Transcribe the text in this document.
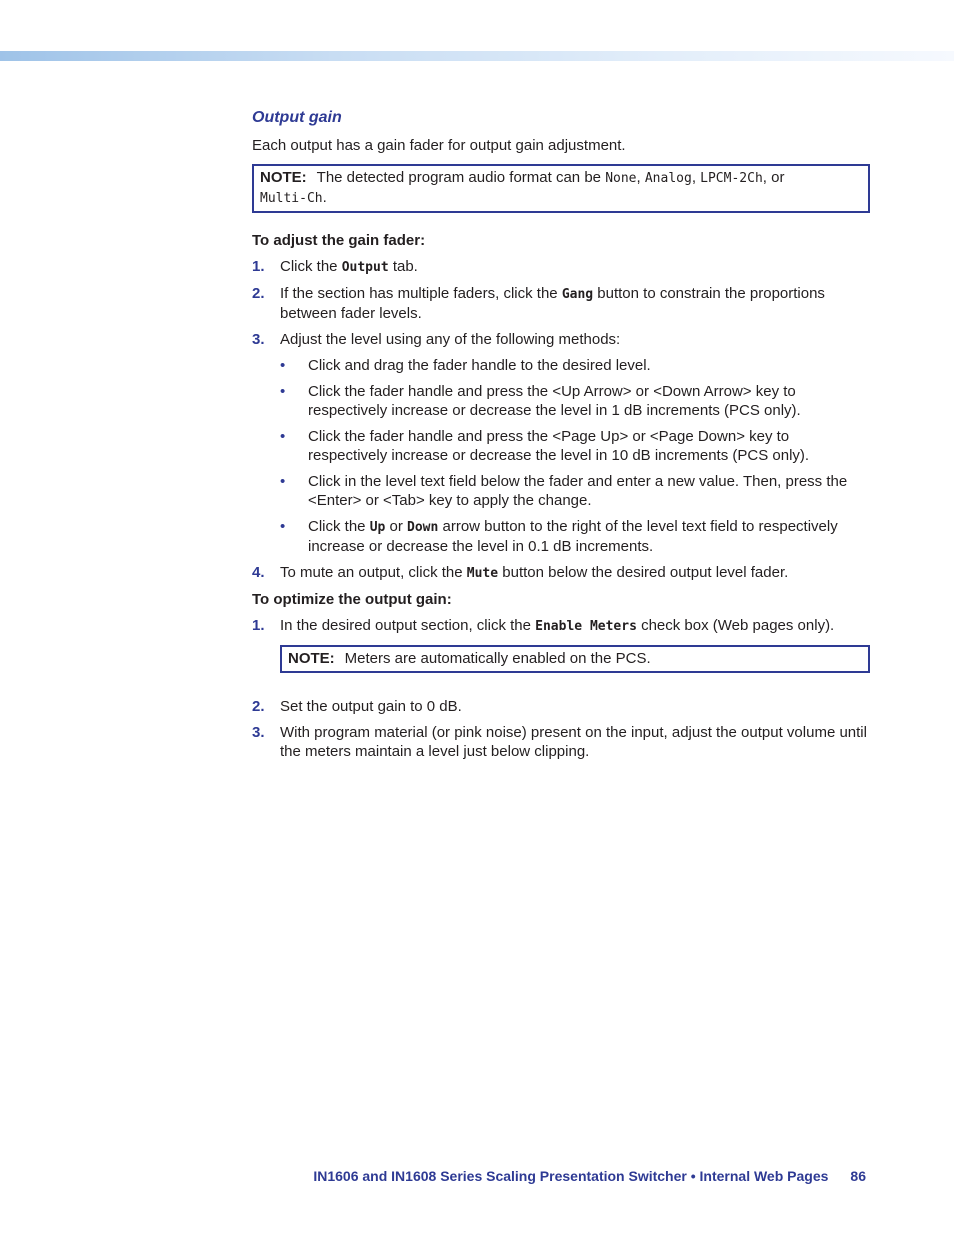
Output gain

Each output has a gain fader for output gain adjustment.

NOTE: The detected program audio format can be None, Analog, LPCM-2Ch, or
Multi-Ch.

To adjust the gain fader:

1. Click the Output tab.
2. If the section has multiple faders, click the Gang button to constrain the proportions between fader levels.
3. Adjust the level using any of the following methods:
• Click and drag the fader handle to the desired level.
• Click the fader handle and press the <Up Arrow> or <Down Arrow> key to respectively increase or decrease the level in 1 dB increments (PCS only).
• Click the fader handle and press the <Page Up> or <Page Down> key to respectively increase or decrease the level in 10 dB increments (PCS only).
• Click in the level text field below the fader and enter a new value. Then, press the <Enter> or <Tab> key to apply the change.
• Click the Up or Down arrow button to the right of the level text field to respectively increase or decrease the level in 0.1 dB increments.
4. To mute an output, click the Mute button below the desired output level fader.

To optimize the output gain:

1. In the desired output section, click the Enable Meters check box (Web pages only).
NOTE: Meters are automatically enabled on the PCS.
2. Set the output gain to 0 dB.
3. With program material (or pink noise) present on the input, adjust the output volume until the meters maintain a level just below clipping.
IN1606 and IN1608 Series Scaling Presentation Switcher • Internal Web Pages 86
